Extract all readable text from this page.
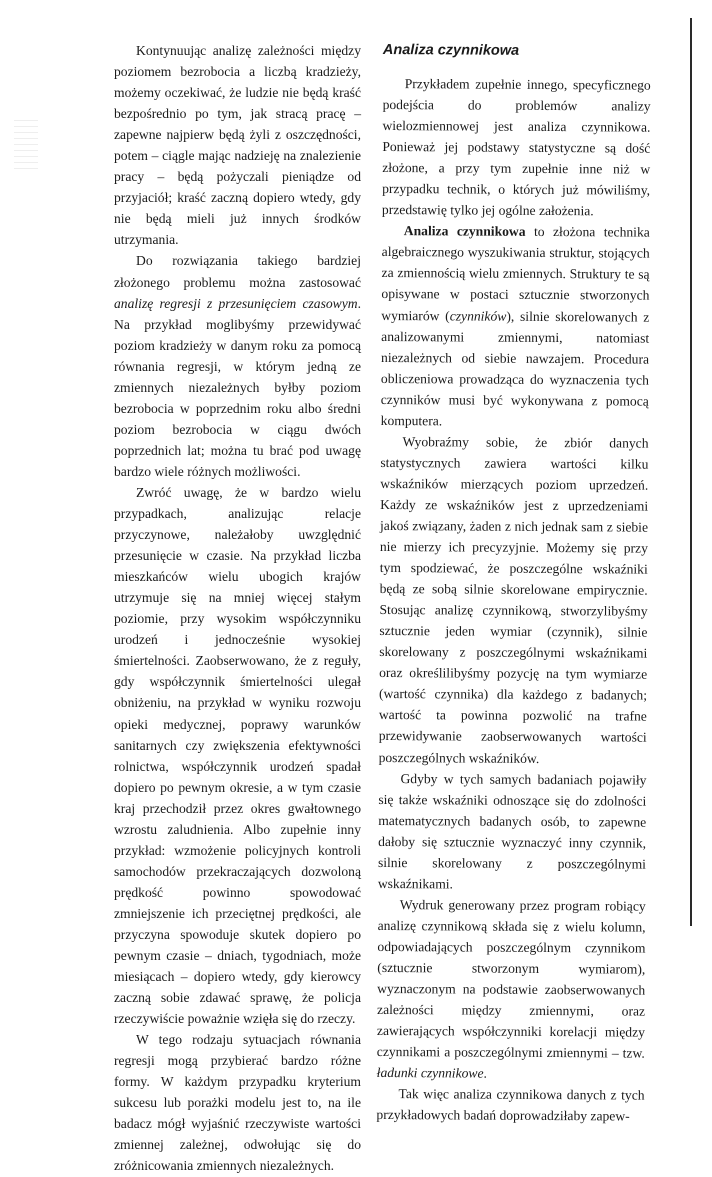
Kontynuując analizę zależności między poziomem bezrobocia a liczbą kradzieży, możemy oczekiwać, że ludzie nie będą kraść bezpośrednio po tym, jak stracą pracę – zapewne najpierw będą żyli z oszczędności, potem – ciągle mając nadzieję na znalezienie pracy – będą pożyczali pieniądze od przyjaciół; kraść zaczną dopiero wtedy, gdy nie będą mieli już innych środków utrzymania.

Do rozwiązania takiego bardziej złożonego problemu można zastosować analizę regresji z przesunięciem czasowym. Na przykład moglibyśmy przewidywać poziom kradzieży w danym roku za pomocą równania regresji, w którym jedną ze zmiennych niezależnych byłby poziom bezrobocia w poprzednim roku albo średni poziom bezrobocia w ciągu dwóch poprzednich lat; można tu brać pod uwagę bardzo wiele różnych możliwości.

Zwróć uwagę, że w bardzo wielu przypadkach, analizując relacje przyczynowe, należałoby uwzględnić przesunięcie w czasie. Na przykład liczba mieszkańców wielu ubogich krajów utrzymuje się na mniej więcej stałym poziomie, przy wysokim współczynniku urodzeń i jednocześnie wysokiej śmiertelności. Zaobserwowano, że z reguły, gdy współczynnik śmiertelności ulegał obniżeniu, na przykład w wyniku rozwoju opieki medycznej, poprawy warunków sanitarnych czy zwiększenia efektywności rolnictwa, współczynnik urodzeń spadał dopiero po pewnym okresie, a w tym czasie kraj przechodził przez okres gwałtownego wzrostu zaludnienia. Albo zupełnie inny przykład: wzmożenie policyjnych kontroli samochodów przekraczających dozwoloną prędkość powinno spowodować zmniejszenie ich przeciętnej prędkości, ale przyczyna spowoduje skutek dopiero po pewnym czasie – dniach, tygodniach, może miesiącach – dopiero wtedy, gdy kierowcy zaczną sobie zdawać sprawę, że policja rzeczywiście poważnie wzięła się do rzeczy.

W tego rodzaju sytuacjach równania regresji mogą przybierać bardzo różne formy. W każdym przypadku kryterium sukcesu lub porażki modelu jest to, na ile badacz mógł wyjaśnić rzeczywiste wartości zmiennej zależnej, odwołując się do zróżnicowania zmiennych niezależnych.

Analiza czynnikowa

Przykładem zupełnie innego, specyficznego podejścia do problemów analizy wielozmiennowej jest analiza czynnikowa. Ponieważ jej podstawy statystyczne są dość złożone, a przy tym zupełnie inne niż w przypadku technik, o których już mówiliśmy, przedstawię tylko jej ogólne założenia.

Analiza czynnikowa to złożona technika algebraicznego wyszukiwania struktur, stojących za zmiennością wielu zmiennych. Struktury te są opisywane w postaci sztucznie stworzonych wymiarów (czynników), silnie skorelowanych z analizowanymi zmiennymi, natomiast niezależnych od siebie nawzajem. Procedura obliczeniowa prowadząca do wyznaczenia tych czynników musi być wykonywana z pomocą komputera.

Wyobraźmy sobie, że zbiór danych statystycznych zawiera wartości kilku wskaźników mierzących poziom uprzedzeń. Każdy ze wskaźników jest z uprzedzeniami jakoś związany, żaden z nich jednak sam z siebie nie mierzy ich precyzyjnie. Możemy się przy tym spodziewać, że poszczególne wskaźniki będą ze sobą silnie skorelowane empirycznie. Stosując analizę czynnikową, stworzylibyśmy sztucznie jeden wymiar (czynnik), silnie skorelowany z poszczególnymi wskaźnikami oraz określilibyśmy pozycję na tym wymiarze (wartość czynnika) dla każdego z badanych; wartość ta powinna pozwolić na trafne przewidywanie zaobserwowanych wartości poszczególnych wskaźników.

Gdyby w tych samych badaniach pojawiły się także wskaźniki odnoszące się do zdolności matematycznych badanych osób, to zapewne dałoby się sztucznie wyznaczyć inny czynnik, silnie skorelowany z poszczególnymi wskaźnikami.

Wydruk generowany przez program robiący analizę czynnikową składa się z wielu kolumn, odpowiadających poszczególnym czynnikom (sztucznie stworzonym wymiarom), wyznaczonym na podstawie zaobserwowanych zależności między zmiennymi, oraz zawierających współczynniki korelacji między czynnikami a poszczególnymi zmiennymi – tzw. ładunki czynnikowe.

Tak więc analiza czynnikowa danych z tych przykładowych badań doprowadziłaby zapew-
